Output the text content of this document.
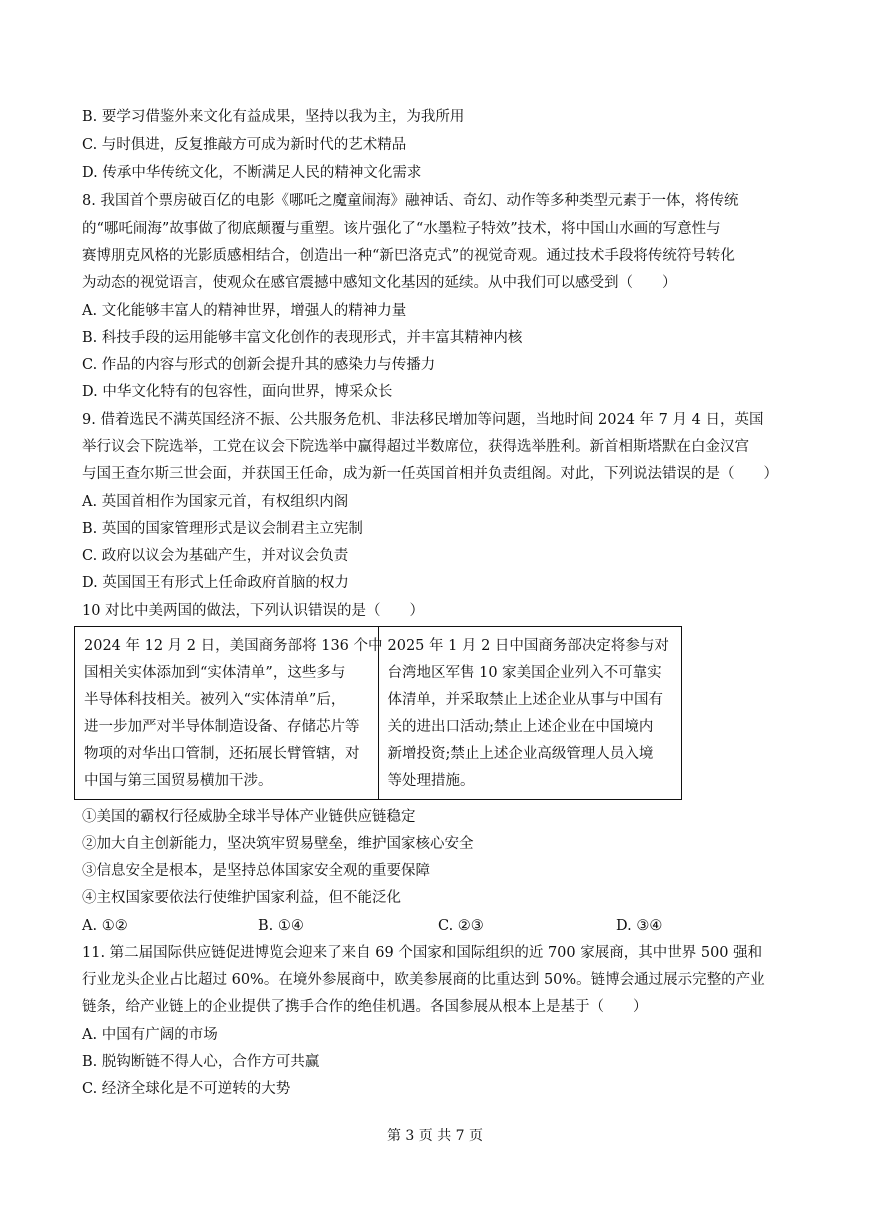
B. 要学习借鉴外来文化有益成果，坚持以我为主，为我所用
C. 与时俱进，反复推敲方可成为新时代的艺术精品
D. 传承中华传统文化，不断满足人民的精神文化需求
8. 我国首个票房破百亿的电影《哪吒之魔童闹海》融神话、奇幻、动作等多种类型元素于一体，将传统
的“哪吒闹海”故事做了彻底颠覆与重塑。该片强化了“水墨粒子特效”技术，将中国山水画的写意性与
赛博朋克风格的光影质感相结合，创造出一种“新巴洛克式”的视觉奇观。通过技术手段将传统符号转化
为动态的视觉语言，使观众在感官震撼中感知文化基因的延续。从中我们可以感受到（　　）
A. 文化能够丰富人的精神世界，增强人的精神力量
B. 科技手段的运用能够丰富文化创作的表现形式，并丰富其精神内核
C. 作品的内容与形式的创新会提升其的感染力与传播力
D. 中华文化特有的包容性，面向世界，博采众长
9. 借着选民不满英国经济不振、公共服务危机、非法移民增加等问题，当地时间 2024 年 7 月 4 日，英国
举行议会下院选举，工党在议会下院选举中赢得超过半数席位，获得选举胜利。新首相斯塔默在白金汉宫
与国王查尔斯三世会面，并获国王任命，成为新一任英国首相并负责组阁。对此，下列说法错误的是（　　）
A. 英国首相作为国家元首，有权组织内阁
B. 英国的国家管理形式是议会制君主立宪制
C. 政府以议会为基础产生，并对议会负责
D. 英国国王有形式上任命政府首脑的权力
10 对比中美两国的做法，下列认识错误的是（　　）
2024 年 12 月 2 日，美国商务部将 136 个中
国相关实体添加到“实体清单”，这些多与
半导体科技相关。被列入“实体清单”后，
进一步加严对半导体制造设备、存储芯片等
物项的对华出口管制，还拓展长臂管辖，对
中国与第三国贸易横加干涉。
2025 年 1 月 2 日中国商务部决定将参与对
台湾地区军售 10 家美国企业列入不可靠实
体清单，并采取禁止上述企业从事与中国有
关的进出口活动;禁止上述企业在中国境内
新增投资;禁止上述企业高级管理人员入境
等处理措施。
①美国的霸权行径威胁全球半导体产业链供应链稳定
②加大自主创新能力，坚决筑牢贸易壁垒，维护国家核心安全
③信息安全是根本，是坚持总体国家安全观的重要保障
④主权国家要依法行使维护国家利益，但不能泛化
A. ①②	B. ①④	C. ②③	D. ③④
11. 第二届国际供应链促进博览会迎来了来自 69 个国家和国际组织的近 700 家展商，其中世界 500 强和
行业龙头企业占比超过 60%。在境外参展商中，欧美参展商的比重达到 50%。链博会通过展示完整的产业
链条，给产业链上的企业提供了携手合作的绝佳机遇。各国参展从根本上是基于（　　）
A. 中国有广阔的市场
B. 脱钩断链不得人心，合作方可共赢
C. 经济全球化是不可逆转的大势
第 3 页 共 7 页
